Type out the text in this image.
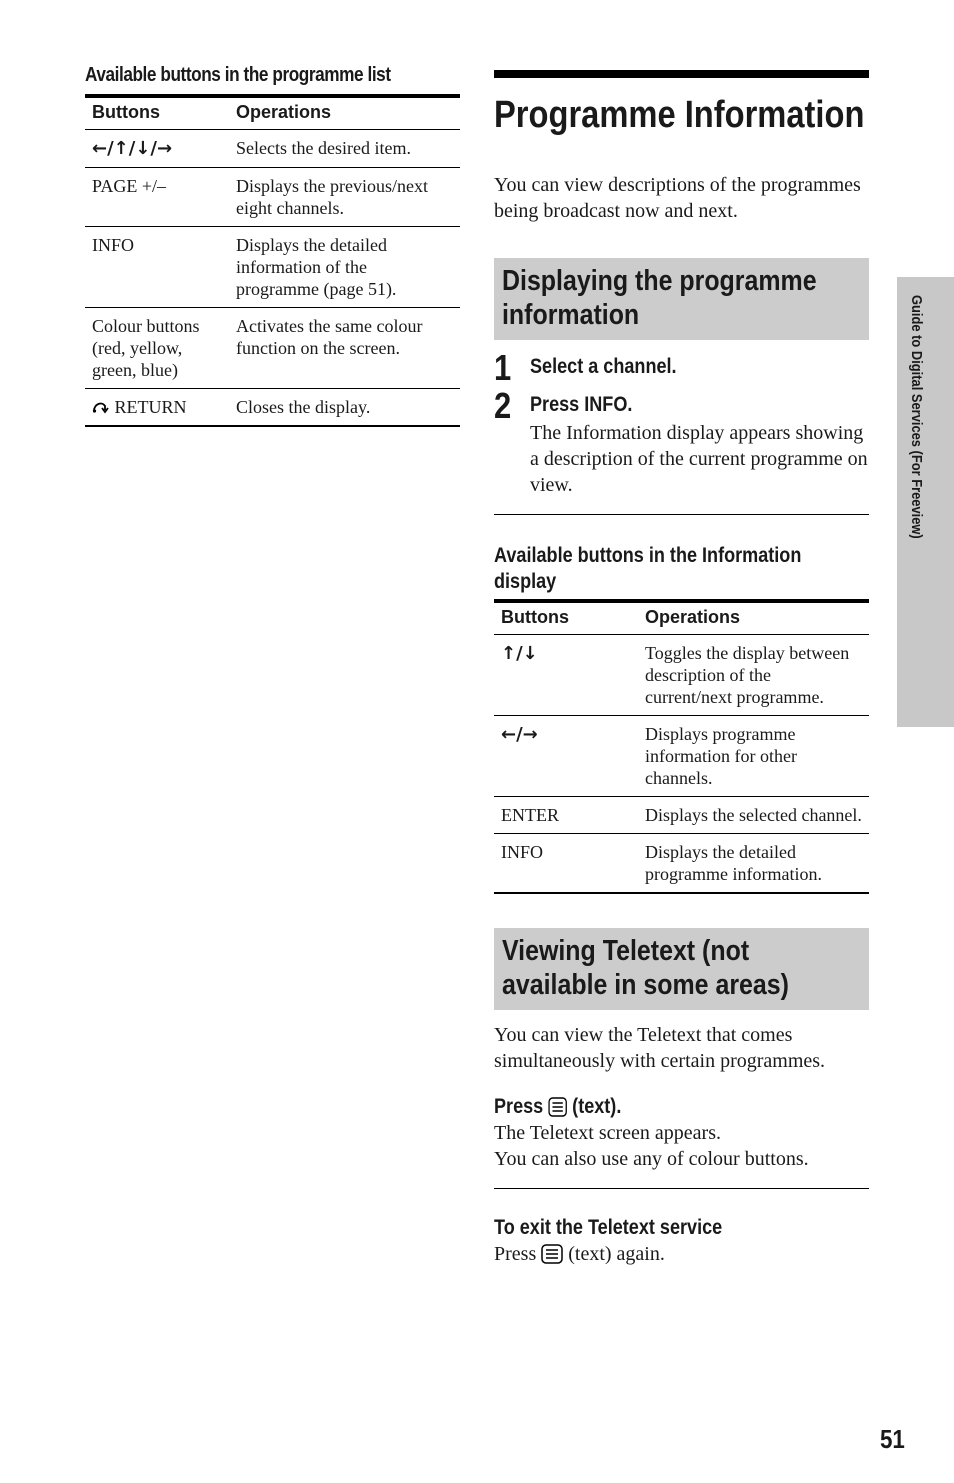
Available buttons in the programme list
Buttons	Operations
←/↑/↓/→	Selects the desired item.
PAGE +/–	Displays the previous/next eight channels.
INFO	Displays the detailed information of the programme (page 51).
Colour buttons (red, yellow, green, blue)	Activates the same colour function on the screen.
RETURN	Closes the display.
Programme Information

You can view descriptions of the programmes being broadcast now and next.

Displaying the programme
information
1 Select a channel.
2 Press INFO.

The Information display appears showing a description of the current programme on view.

Available buttons in the Information
display
Buttons	Operations
↑/↓	Toggles the display between description of the current/next programme.
←/→	Displays programme information for other channels.
ENTER	Displays the selected channel.
INFO	Displays the detailed programme information.
Viewing Teletext (not
available in some areas)

You can view the Teletext that comes simultaneously with certain programmes.

Press (text).

The Teletext screen appears.

You can also use any of colour buttons.

To exit the Teletext service

Press (text) again.

Guide to Digital Services (For Freeview)
51
